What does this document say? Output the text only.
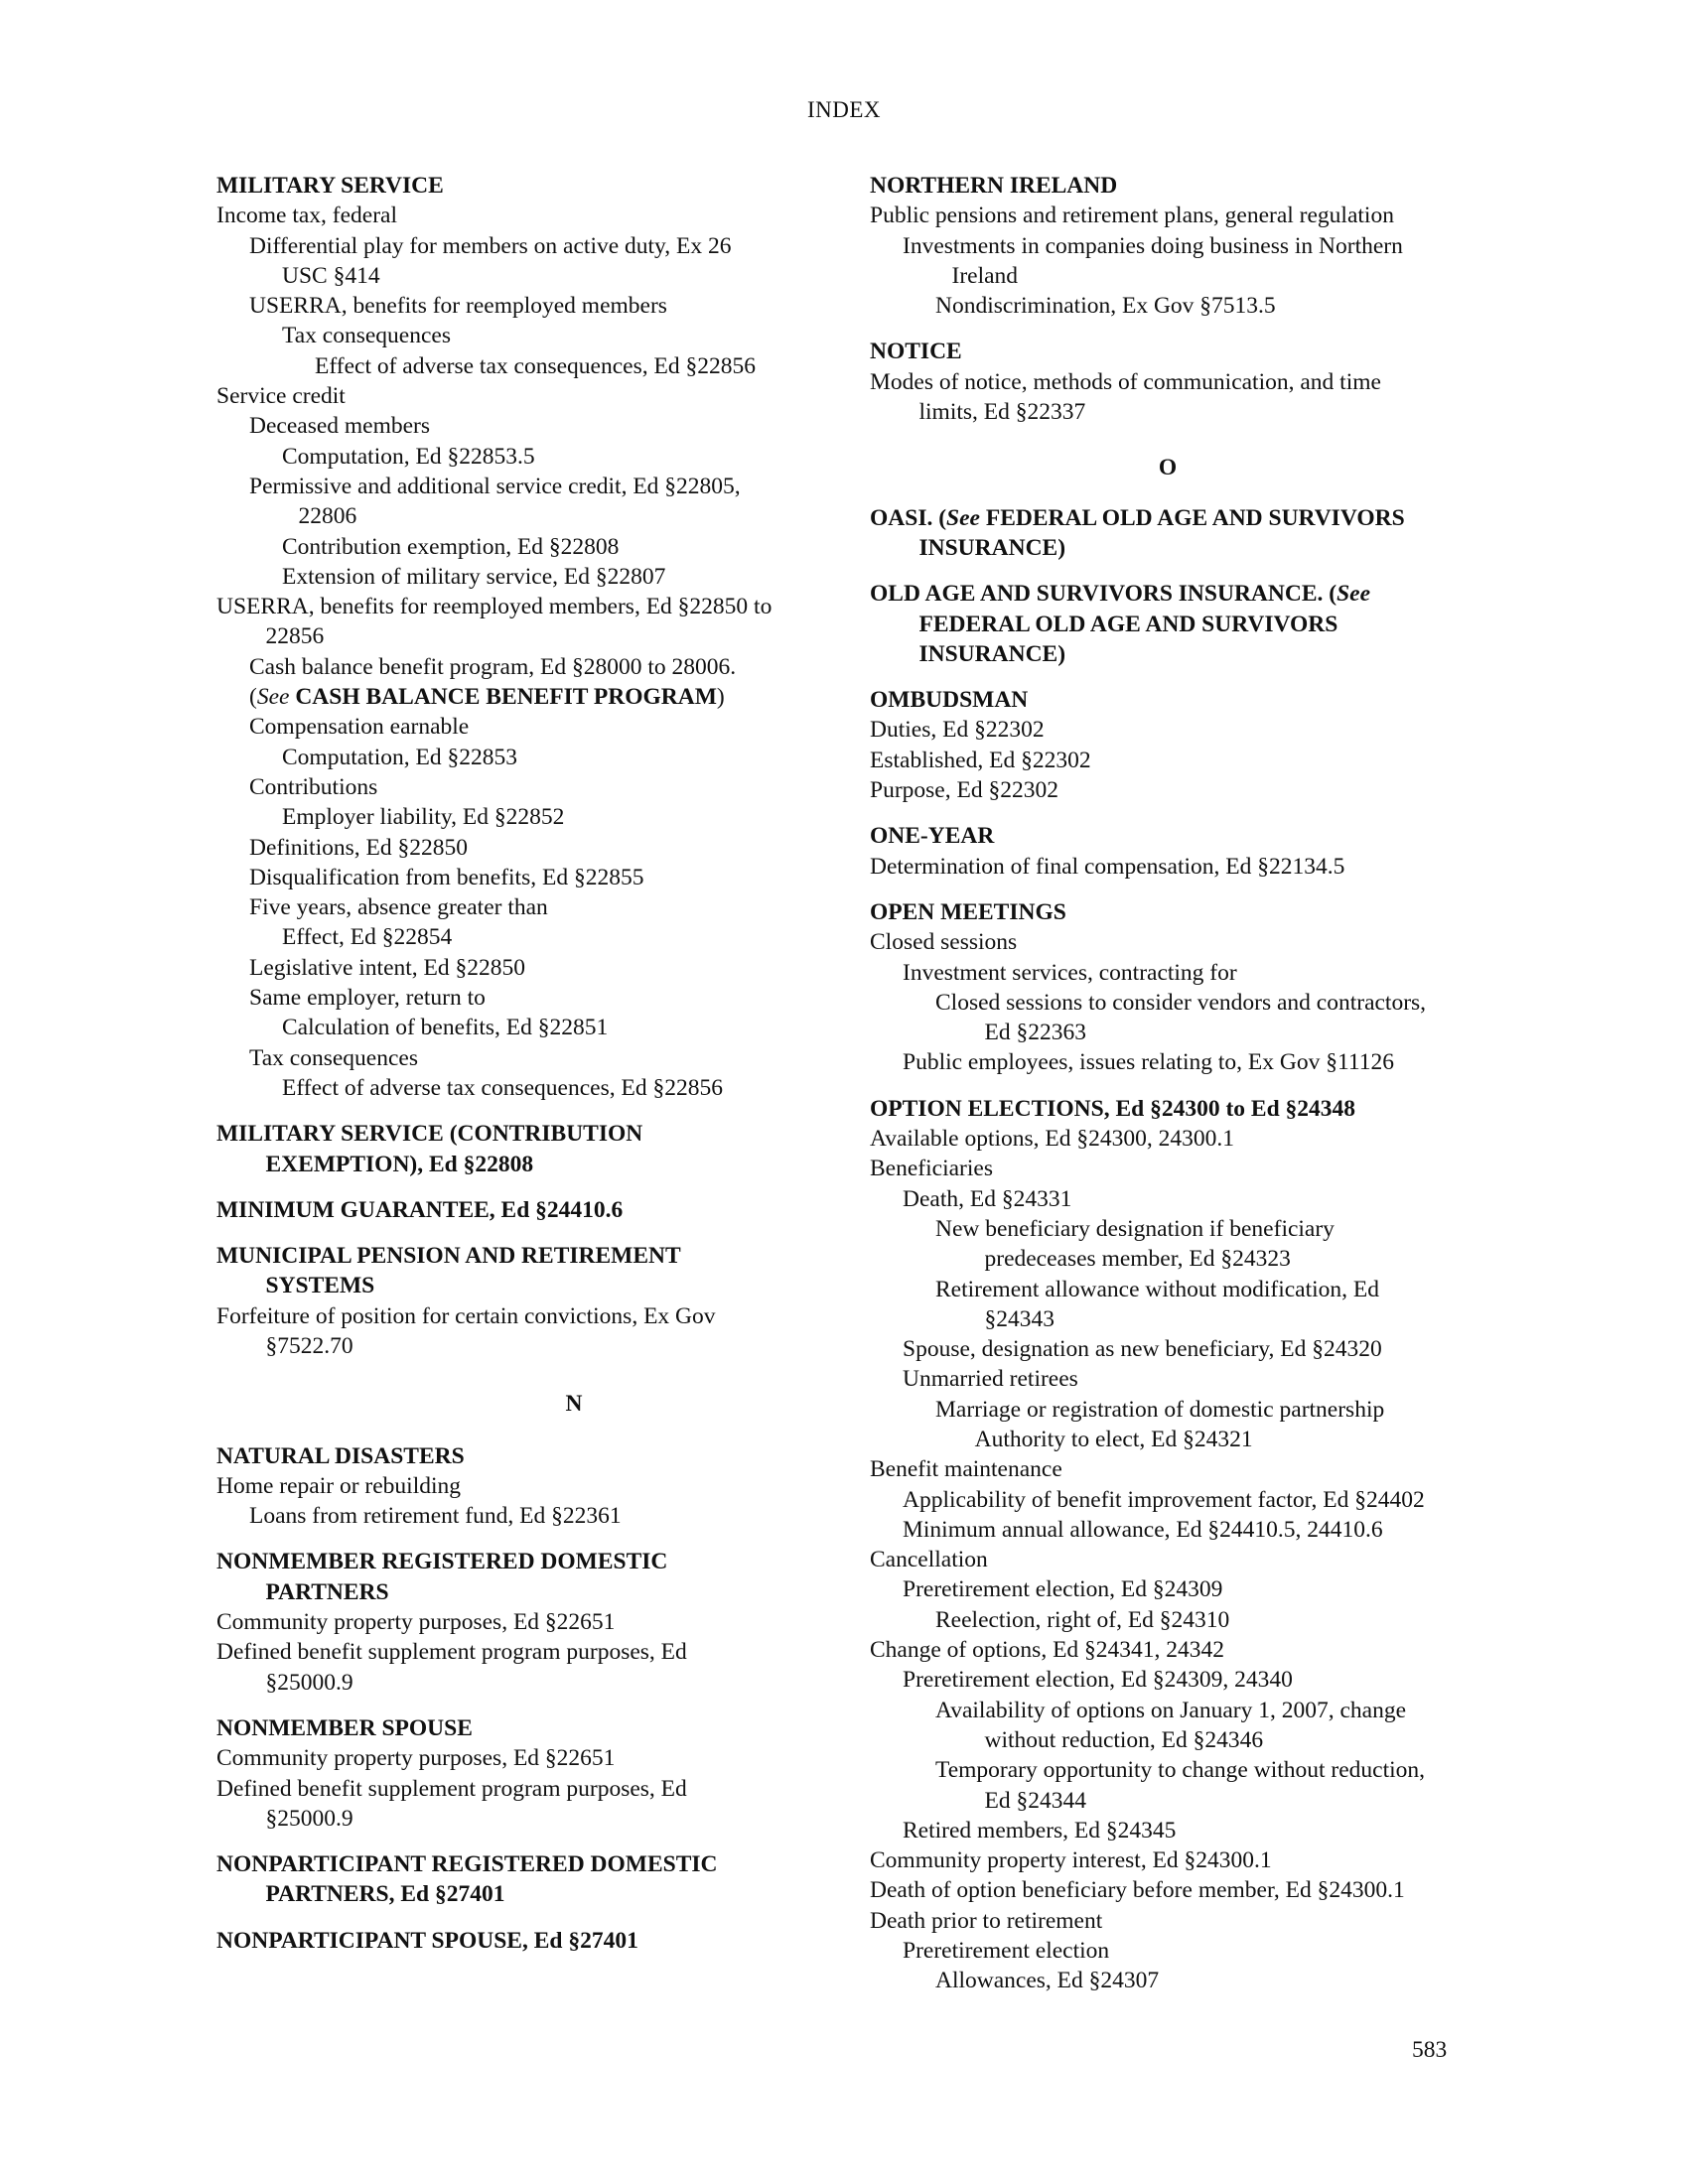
INDEX
MILITARY SERVICE
Income tax, federal
Differential play for members on active duty, Ex 26
USC §414
USERRA, benefits for reemployed members
Tax consequences
Effect of adverse tax consequences, Ed §22856
Service credit
Deceased members
Computation, Ed §22853.5
Permissive and additional service credit, Ed §22805,
22806
Contribution exemption, Ed §22808
Extension of military service, Ed §22807
USERRA, benefits for reemployed members, Ed §22850 to
22856
Cash balance benefit program, Ed §28000 to 28006.
(See CASH BALANCE BENEFIT PROGRAM)
Compensation earnable
Computation, Ed §22853
Contributions
Employer liability, Ed §22852
Definitions, Ed §22850
Disqualification from benefits, Ed §22855
Five years, absence greater than
Effect, Ed §22854
Legislative intent, Ed §22850
Same employer, return to
Calculation of benefits, Ed §22851
Tax consequences
Effect of adverse tax consequences, Ed §22856
MILITARY SERVICE (CONTRIBUTION
EXEMPTION), Ed §22808
MINIMUM GUARANTEE, Ed §24410.6
MUNICIPAL PENSION AND RETIREMENT
SYSTEMS
Forfeiture of position for certain convictions, Ex Gov
§7522.70
N
NATURAL DISASTERS
Home repair or rebuilding
Loans from retirement fund, Ed §22361
NONMEMBER REGISTERED DOMESTIC
PARTNERS
Community property purposes, Ed §22651
Defined benefit supplement program purposes, Ed
§25000.9
NONMEMBER SPOUSE
Community property purposes, Ed §22651
Defined benefit supplement program purposes, Ed
§25000.9
NONPARTICIPANT REGISTERED DOMESTIC
PARTNERS, Ed §27401
NONPARTICIPANT SPOUSE, Ed §27401
NORTHERN IRELAND
Public pensions and retirement plans, general regulation
Investments in companies doing business in Northern
Ireland
Nondiscrimination, Ex Gov §7513.5
NOTICE
Modes of notice, methods of communication, and time
limits, Ed §22337
O
OASI. (See FEDERAL OLD AGE AND SURVIVORS
INSURANCE)
OLD AGE AND SURVIVORS INSURANCE. (See
FEDERAL OLD AGE AND SURVIVORS
INSURANCE)
OMBUDSMAN
Duties, Ed §22302
Established, Ed §22302
Purpose, Ed §22302
ONE-YEAR
Determination of final compensation, Ed §22134.5
OPEN MEETINGS
Closed sessions
Investment services, contracting for
Closed sessions to consider vendors and contractors,
Ed §22363
Public employees, issues relating to, Ex Gov §11126
OPTION ELECTIONS, Ed §24300 to Ed §24348
Available options, Ed §24300, 24300.1
Beneficiaries
Death, Ed §24331
New beneficiary designation if beneficiary
predeceases member, Ed §24323
Retirement allowance without modification, Ed
§24343
Spouse, designation as new beneficiary, Ed §24320
Unmarried retirees
Marriage or registration of domestic partnership
Authority to elect, Ed §24321
Benefit maintenance
Applicability of benefit improvement factor, Ed §24402
Minimum annual allowance, Ed §24410.5, 24410.6
Cancellation
Preretirement election, Ed §24309
Reelection, right of, Ed §24310
Change of options, Ed §24341, 24342
Preretirement election, Ed §24309, 24340
Availability of options on January 1, 2007, change
without reduction, Ed §24346
Temporary opportunity to change without reduction,
Ed §24344
Retired members, Ed §24345
Community property interest, Ed §24300.1
Death of option beneficiary before member, Ed §24300.1
Death prior to retirement
Preretirement election
Allowances, Ed §24307
583
